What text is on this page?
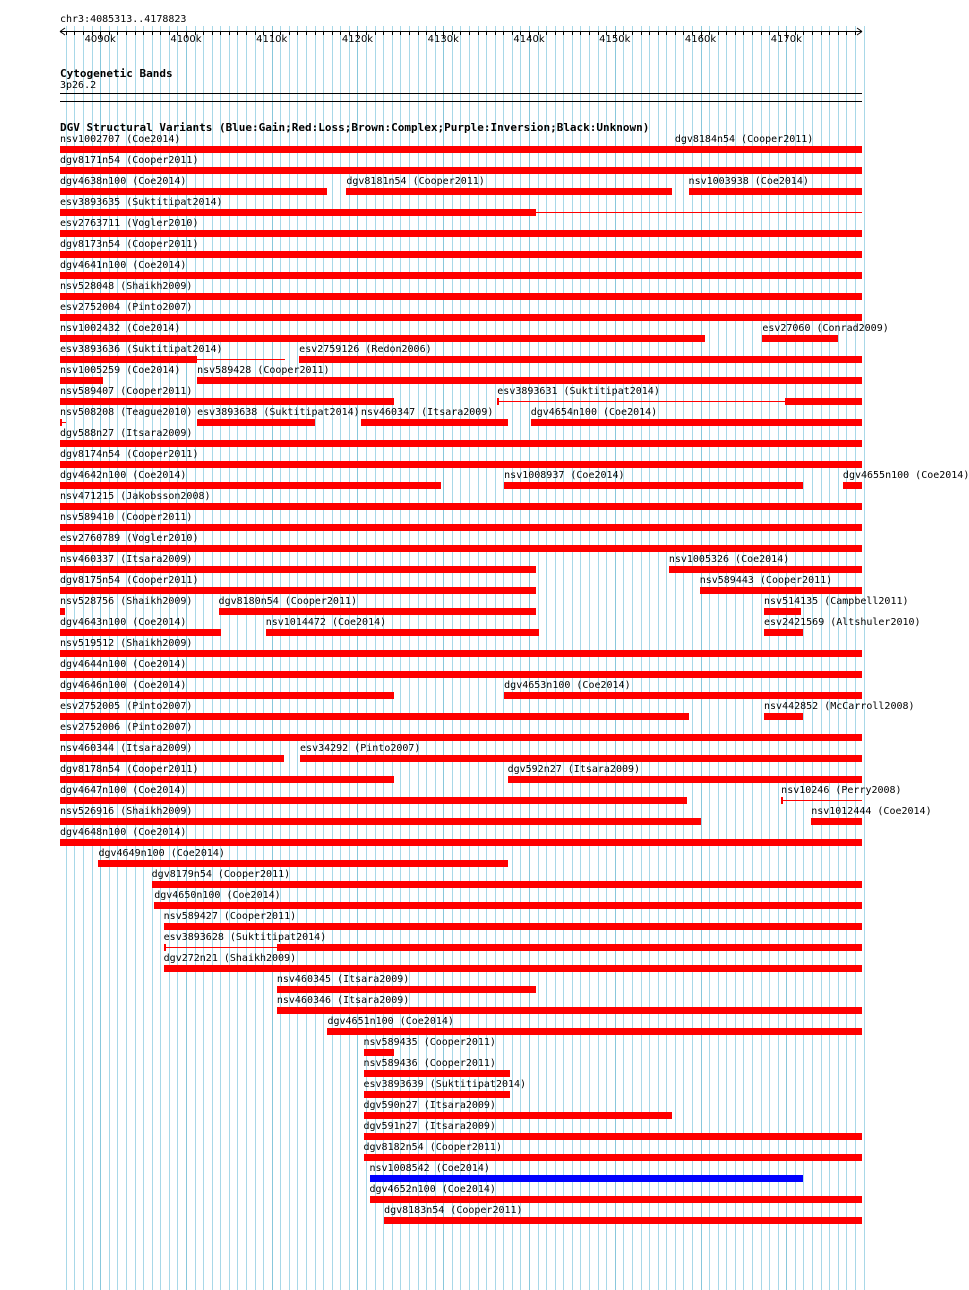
chr3:4085313..4178823
Cytogenetic Bands
3p26.2
DGV Structural Variants (Blue:Gain;Red:Loss;Brown:Complex;Purple:Inversion;Black:Unknown)
nsv1002707 (Coe2014)	dgv8184n54 (Cooper2011)
dgv8171n54 (Cooper2011)
dgv4638n100 (Coe2014)	dgv8181n54 (Cooper2011)	nsv1003938 (Coe2014)
esv3893635 (Suktitipat2014)
esv2763711 (Vogler2010)
dgv8173n54 (Cooper2011)
dgv4641n100 (Coe2014)
nsv528048 (Shaikh2009)
esv2752004 (Pinto2007)
nsv1002432 (Coe2014)	esv27060 (Conrad2009)
esv3893636 (Suktitipat2014)	esv2759126 (Redon2006)
nsv1005259 (Coe2014) nsv589428 (Cooper2011)
nsv589407 (Cooper2011)	esv3893631 (Suktitipat2014)
nsv508208 (Teague2010) esv3893638 (Suktitipat2014) nsv460347 (Itsara2009)	dgv4654n100 (Coe2014)
dgv588n27 (Itsara2009)
dgv8174n54 (Cooper2011)
dgv4642n100 (Coe2014)	nsv1008937 (Coe2014)	dgv4655n100 (Coe2014)
nsv471215 (Jakobsson2008)
nsv589410 (Cooper2011)
esv2760789 (Vogler2010)
nsv460337 (Itsara2009)	nsv1005326 (Coe2014)
dgv8175n54 (Cooper2011)	nsv589443 (Cooper2011)
nsv528756 (Shaikh2009)	dgv8180n54 (Cooper2011)	nsv514135 (Campbell2011)
dgv4643n100 (Coe2014)	nsv1014472 (Coe2014)	esv2421569 (Altshuler2010)
nsv519512 (Shaikh2009)
dgv4644n100 (Coe2014)
dgv4646n100 (Coe2014)	dgv4653n100 (Coe2014)
esv2752005 (Pinto2007)	nsv442852 (McCarroll2008)
esv2752006 (Pinto2007)
nsv460344 (Itsara2009)	esv34292 (Pinto2007)
dgv8178n54 (Cooper2011)	dgv592n27 (Itsara2009)
dgv4647n100 (Coe2014)	nsv10246 (Perry2008)
nsv526916 (Shaikh2009)	nsv1012444 (Coe2014)
dgv4648n100 (Coe2014)
dgv4649n100 (Coe2014)
dgv8179n54 (Cooper2011)
dgv4650n100 (Coe2014)
nsv589427 (Cooper2011)
esv3893628 (Suktitipat2014)
dgv272n21 (Shaikh2009)
nsv460345 (Itsara2009)
nsv460346 (Itsara2009)
dgv4651n100 (Coe2014)
nsv589435 (Cooper2011)
nsv589436 (Cooper2011)
esv3893639 (Suktitipat2014)
dgv590n27 (Itsara2009)
dgv591n27 (Itsara2009)
dgv8182n54 (Cooper2011)
nsv1008542 (Coe2014)
dgv4652n100 (Coe2014)
dgv8183n54 (Cooper2011)
4090k	4100k	4110k	4120k	4130k	4140k	4150k	4160k	4170k
